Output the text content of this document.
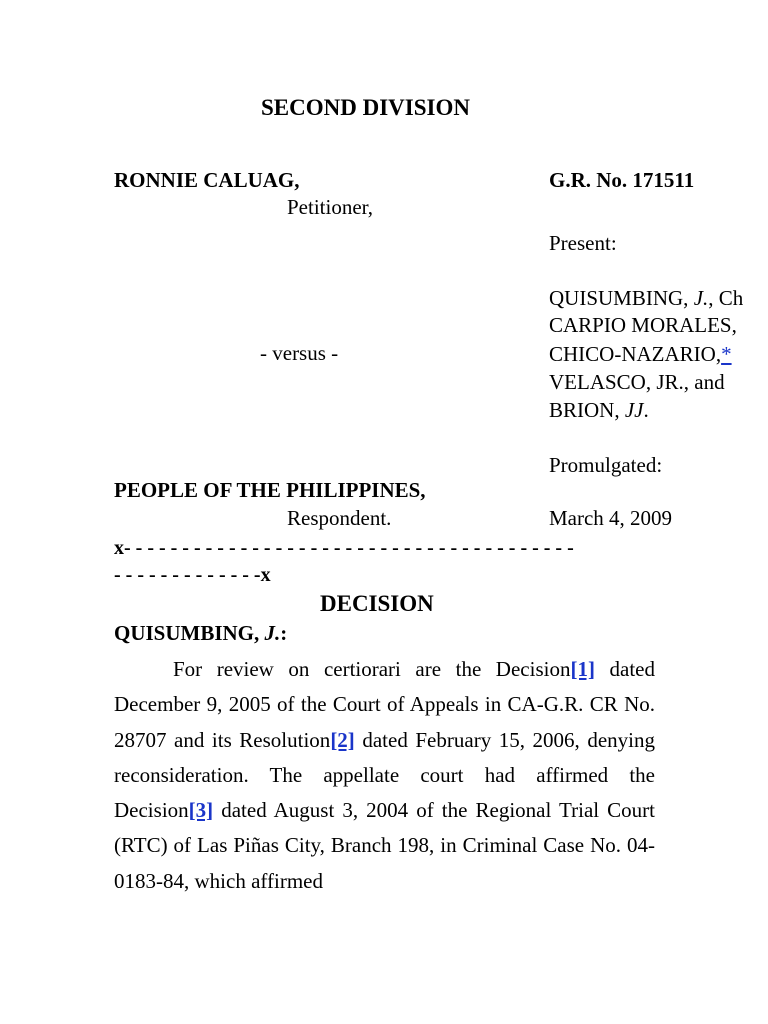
SECOND DIVISION
RONNIE CALUAG,
Petitioner,
- versus -
PEOPLE OF THE PHILIPPINES,
Respondent.
G.R. No. 171511
Present:
QUISUMBING, J., Ch
CARPIO MORALES,
CHICO-NAZARIO,*
VELASCO, JR., and
BRION, JJ.
Promulgated:
March 4, 2009
x- - - - - - - - - - - - - - - - - - - - - - - - - - - - - - - - - - - - - - -
- - - - - - - - - - - - -x
DECISION
QUISUMBING, J.:

For review on certiorari are the Decision[1] dated December 9, 2005 of the Court of Appeals in CA-G.R. CR No. 28707 and its Resolution[2] dated February 15, 2006, denying reconsideration. The appellate court had affirmed the Decision[3] dated August 3, 2004 of the Regional Trial Court (RTC) of Las Piñas City, Branch 198, in Criminal Case No. 04-0183-84, which affirmed
